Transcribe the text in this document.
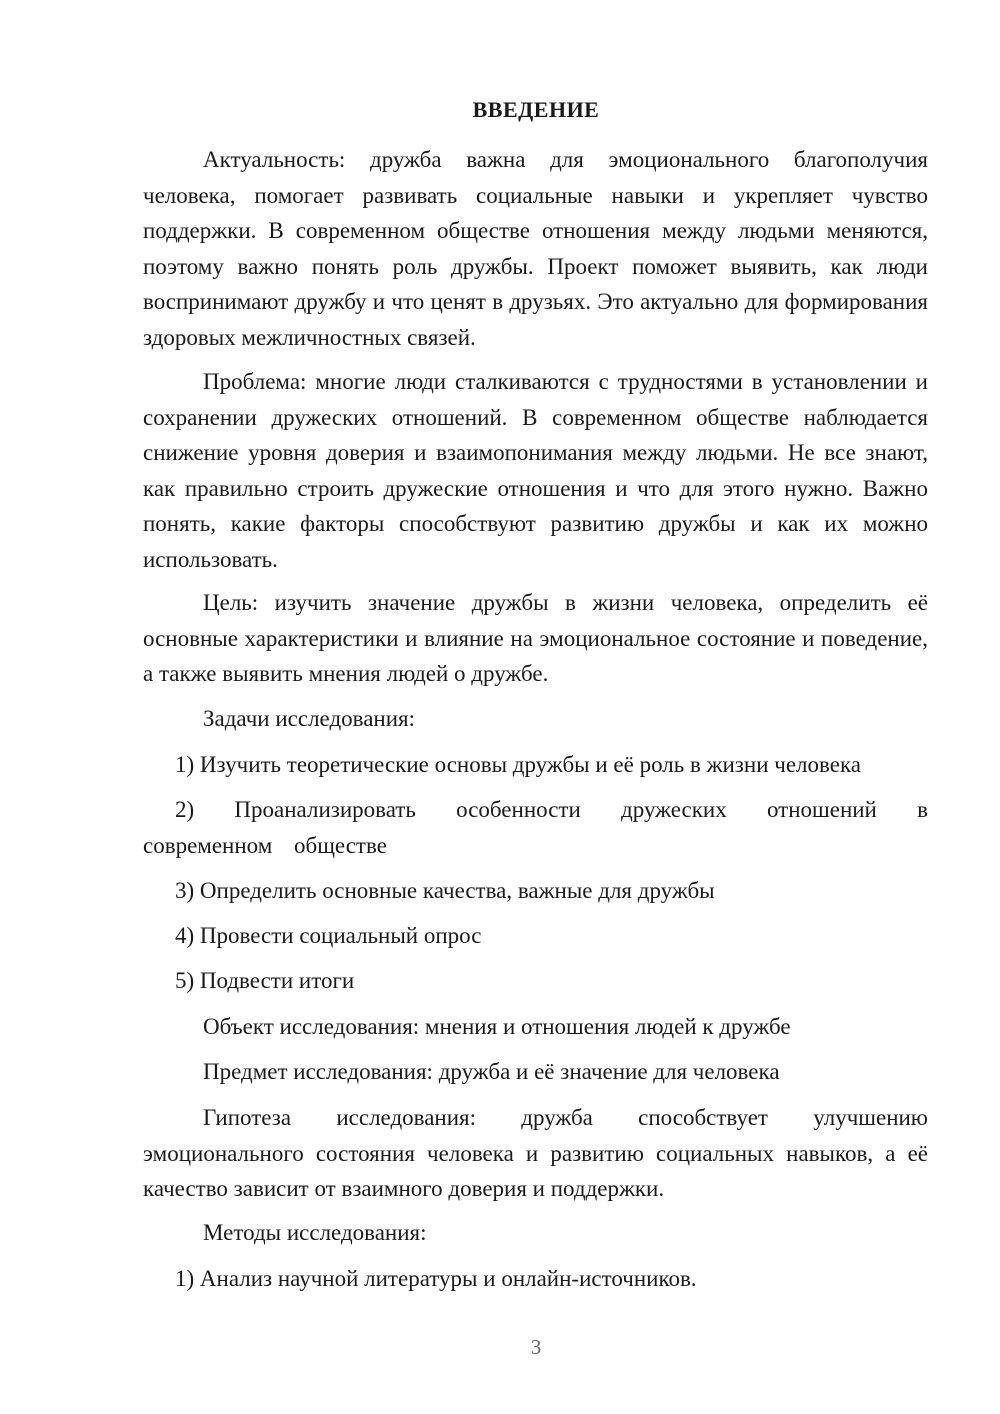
ВВЕДЕНИЕ

Актуальность: дружба важна для эмоционального благополучия человека, помогает развивать социальные навыки и укрепляет чувство поддержки. В современном обществе отношения между людьми меняются, поэтому важно понять роль дружбы. Проект поможет выявить, как люди воспринимают дружбу и что ценят в друзьях. Это актуально для формирования здоровых межличностных связей.

Проблема: многие люди сталкиваются с трудностями в установлении и сохранении дружеских отношений. В современном обществе наблюдается снижение уровня доверия и взаимопонимания между людьми. Не все знают, как правильно строить дружеские отношения и что для этого нужно. Важно понять, какие факторы способствуют развитию дружбы и как их можно использовать.

Цель: изучить значение дружбы в жизни человека, определить её основные характеристики и влияние на эмоциональное состояние и поведение, а также выявить мнения людей о дружбе.

Задачи исследования:

1) Изучить теоретические основы дружбы и её роль в жизни человека

2) Проанализировать особенности дружеских отношений в современном обществе

3) Определить основные качества, важные для дружбы

4) Провести социальный опрос

5) Подвести итоги

Объект исследования: мнения и отношения людей к дружбе

Предмет исследования: дружба и её значение для человека

Гипотеза исследования: дружба способствует улучшению эмоционального состояния человека и развитию социальных навыков, а её качество зависит от взаимного доверия и поддержки.

Методы исследования:

1) Анализ научной литературы и онлайн-источников.

3
